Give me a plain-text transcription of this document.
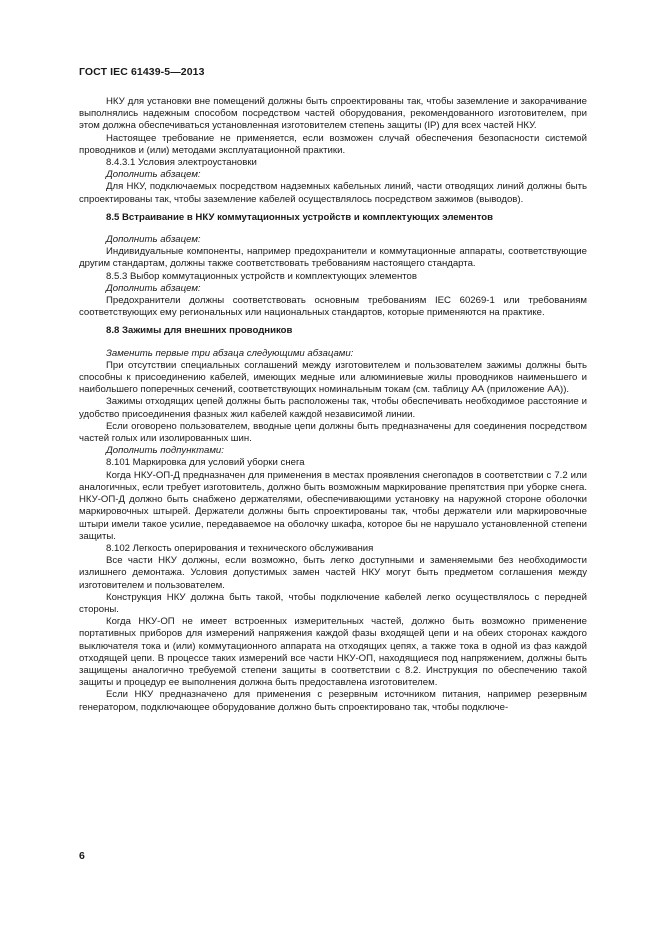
ГОСТ IEC 61439-5—2013

НКУ для установки вне помещений должны быть спроектированы так, чтобы заземление и закорачивание выполнялись надежным способом посредством частей оборудования, рекомендованного изготовителем, при этом должна обеспечиваться установленная изготовителем степень защиты (IP) для всех частей НКУ.

Настоящее требование не применяется, если возможен случай обеспечения безопасности системой проводников и (или) методами эксплуатационной практики.

8.4.3.1 Условия электроустановки

Дополнить абзацем:

Для НКУ, подключаемых посредством надземных кабельных линий, части отводящих линий должны быть спроектированы так, чтобы заземление кабелей осуществлялось посредством зажимов (выводов).

8.5 Встраивание в НКУ коммутационных устройств и комплектующих элементов

Дополнить абзацем:

Индивидуальные компоненты, например предохранители и коммутационные аппараты, соответствующие другим стандартам, должны также соответствовать требованиям настоящего стандарта.

8.5.3 Выбор коммутационных устройств и комплектующих элементов

Дополнить абзацем:

Предохранители должны соответствовать основным требованиям IEC 60269-1 или требованиям соответствующих ему региональных или национальных стандартов, которые применяются на практике.

8.8 Зажимы для внешних проводников

Заменить первые три абзаца следующими абзацами:

При отсутствии специальных соглашений между изготовителем и пользователем зажимы должны быть способны к присоединению кабелей, имеющих медные или алюминиевые жилы проводников наименьшего и наибольшего поперечных сечений, соответствующих номинальным токам (см. таблицу АА (приложение АА)).

Зажимы отходящих цепей должны быть расположены так, чтобы обеспечивать необходимое расстояние и удобство присоединения фазных жил кабелей каждой независимой линии.

Если оговорено пользователем, вводные цепи должны быть предназначены для соединения посредством частей голых или изолированных шин.

Дополнить подпунктами:

8.101 Маркировка для условий уборки снега

Когда НКУ-ОП-Д предназначен для применения в местах проявления снегопадов в соответствии с 7.2 или аналогичных, если требует изготовитель, должно быть возможным маркирование препятствия при уборке снега. НКУ-ОП-Д должно быть снабжено держателями, обеспечивающими установку на наружной стороне оболочки маркировочных штырей. Держатели должны быть спроектированы так, чтобы держатели или маркировочные штыри имели такое усилие, передаваемое на оболочку шкафа, которое бы не нарушало установленной степени защиты.

8.102 Легкость оперирования и технического обслуживания

Все части НКУ должны, если возможно, быть легко доступными и заменяемыми без необходимости излишнего демонтажа. Условия допустимых замен частей НКУ могут быть предметом соглашения между изготовителем и пользователем.

Конструкция НКУ должна быть такой, чтобы подключение кабелей легко осуществлялось с передней стороны.

Когда НКУ-ОП не имеет встроенных измерительных частей, должно быть возможно применение портативных приборов для измерений напряжения каждой фазы входящей цепи и на обеих сторонах каждого выключателя тока и (или) коммутационного аппарата на отходящих цепях, а также тока в одной из фаз каждой отходящей цепи. В процессе таких измерений все части НКУ-ОП, находящиеся под напряжением, должны быть защищены аналогично требуемой степени защиты в соответствии с 8.2. Инструкция по обеспечению такой защиты и процедур ее выполнения должна быть предоставлена изготовителем.

Если НКУ предназначено для применения с резервным источником питания, например резервным генератором, подключающее оборудование должно быть спроектировано так, чтобы подключе-

6
